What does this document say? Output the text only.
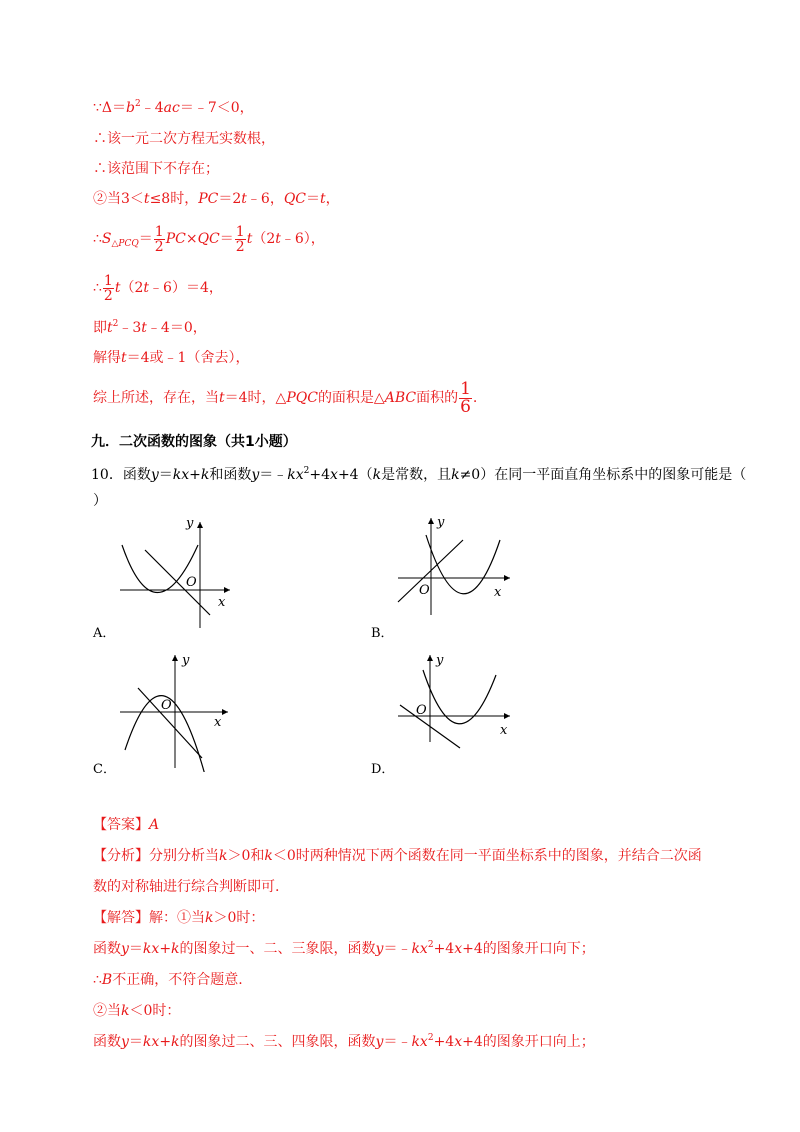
$\because\Delta=b^2﹣4ac=﹣7<0$，
∴该一元二次方程无实数根，
∴该范围下不存在；
②当3＜t≤8时，PC＝2t﹣6，QC＝t，
$\therefore S_{\triangle PCQ}= \frac{1}{2} PC\times QC= \frac{1}{2}$ t（2t﹣6），
∴ $\frac{1}{2}$ t（2t﹣6）＝4，
即$t^2﹣3t﹣4=0$，
解得t＝4或﹣1（舍去），
综上所述，存在，当t＝4时，△PQC的面积是△ABC面积的 $\frac{1}{6}$ .
九．二次函数的图象（共1小题）
10．函数y＝kx+k和函数$y=﹣kx^2+4x+4(k$是常数，且k≠0）在同一平面直角坐标系中的图象可能是（
）
x
y
O
A．
x
y
O
B．
x
y
O
C．
x
y
O
D．
【答案】A
【分析】分别分析当k＞0和k＜0时两种情况下两个函数在同一平面坐标系中的图象，并结合二次函
数的对称轴进行综合判断即可.
【解答】解：①当k＞0时：
函数y＝kx+k的图象过一、二、三象限，函数$y=﹣kx^2+4x+4$的图象开口向下；
∴B不正确，不符合题意.
②当k＜0时：
函数y＝kx+k的图象过二、三、四象限，函数$y=﹣kx^2+4x+4$的图象开口向上；
